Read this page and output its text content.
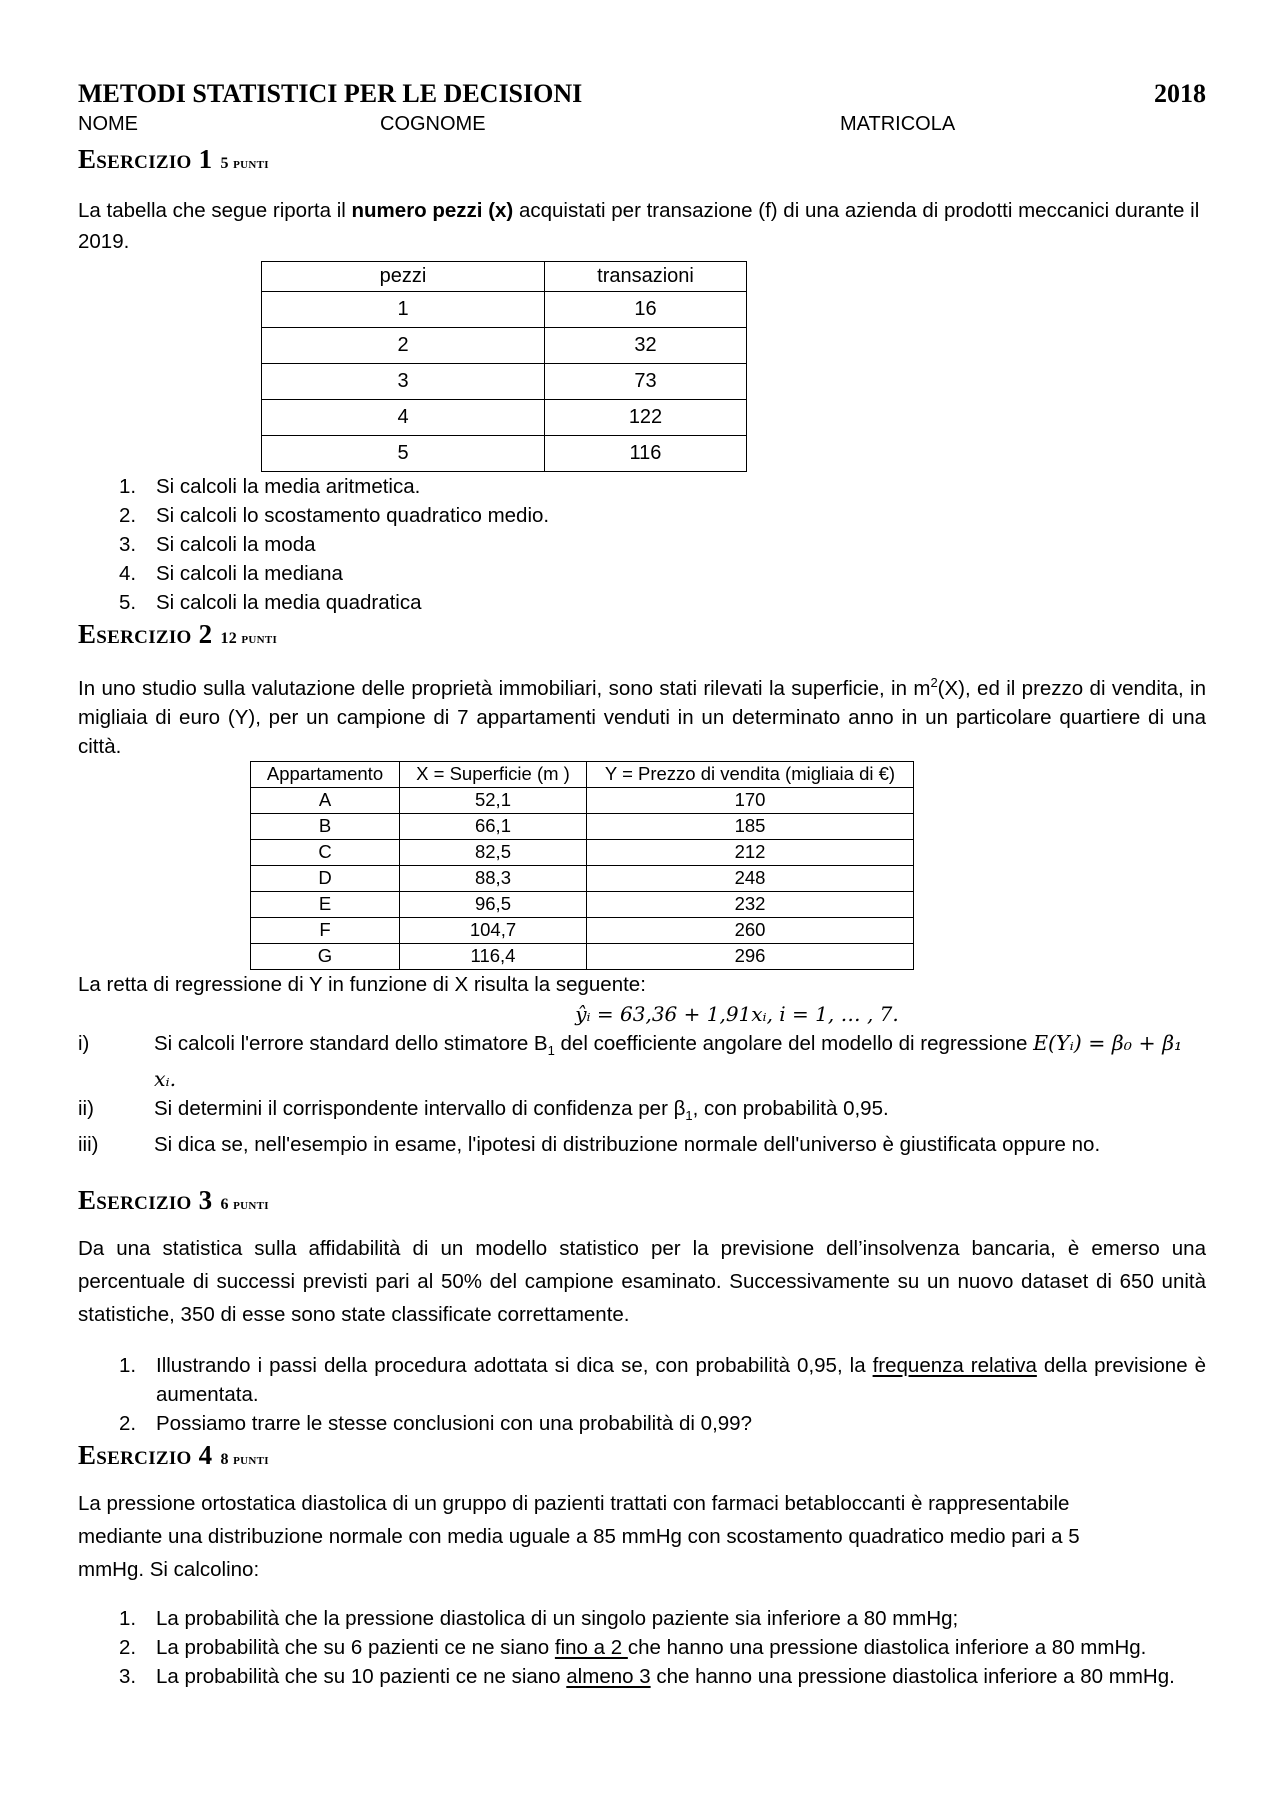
METODI STATISTICI PER LE DECISIONI	2018
NOME	COGNOME	MATRICOLA
Esercizio 1 5 punti

La tabella che segue riporta il numero pezzi (x) acquistati per transazione (f) di una azienda di prodotti meccanici durante il 2019.

pezzi	transazioni
1	16
2	32
3	73
4	122
5	116
1. Si calcoli la media aritmetica.
2. Si calcoli lo scostamento quadratico medio.
3. Si calcoli la moda
4. Si calcoli la mediana
5. Si calcoli la media quadratica
Esercizio 2 12 punti

In uno studio sulla valutazione delle proprietà immobiliari, sono stati rilevati la superficie, in $m^2(X)$, ed il prezzo di vendita, in migliaia di euro (Y), per un campione di 7 appartamenti venduti in un determinato anno in un particolare quartiere di una città.

Appartamento	X = Superficie (m )	Y = Prezzo di vendita (migliaia di €)
A	52,1	170
B	66,1	185
C	82,5	212
D	88,3	248
E	96,5	232
F	104,7	260
G	116,4	296

La retta di regressione di Y in funzione di X risulta la seguente:

ŷᵢ = 63,36 + 1,91xᵢ, i = 1, … , 7.
i)	Si calcoli l'errore standard dello stimatore $B_1$ del coefficiente angolare del modello di regressione E(Yᵢ) = β₀ + β₁ xᵢ.
ii)	Si determini il corrispondente intervallo di confidenza per $\beta_1$, con probabilità 0,95.
iii)	Si dica se, nell'esempio in esame, l'ipotesi di distribuzione normale dell'universo è giustificata oppure no.
Esercizio 3 6 punti

Da una statistica sulla affidabilità di un modello statistico per la previsione dell’insolvenza bancaria, è emerso una percentuale di successi previsti pari al 50% del campione esaminato. Successivamente su un nuovo dataset di 650 unità statistiche, 350 di esse sono state classificate correttamente.

1. Illustrando i passi della procedura adottata si dica se, con probabilità 0,95, la frequenza relativa della previsione è aumentata.
2. Possiamo trarre le stesse conclusioni con una probabilità di 0,99?
Esercizio 4 8 punti

La pressione ortostatica diastolica di un gruppo di pazienti trattati con farmaci betabloccanti è rappresentabile mediante una distribuzione normale con media uguale a 85 mmHg con scostamento quadratico medio pari a 5 mmHg. Si calcolino:

1. La probabilità che la pressione diastolica di un singolo paziente sia inferiore a 80 mmHg;
2. La probabilità che su 6 pazienti ce ne siano fino a 2 che hanno una pressione diastolica inferiore a 80 mmHg.
3. La probabilità che su 10 pazienti ce ne siano almeno 3 che hanno una pressione diastolica inferiore a 80 mmHg.
